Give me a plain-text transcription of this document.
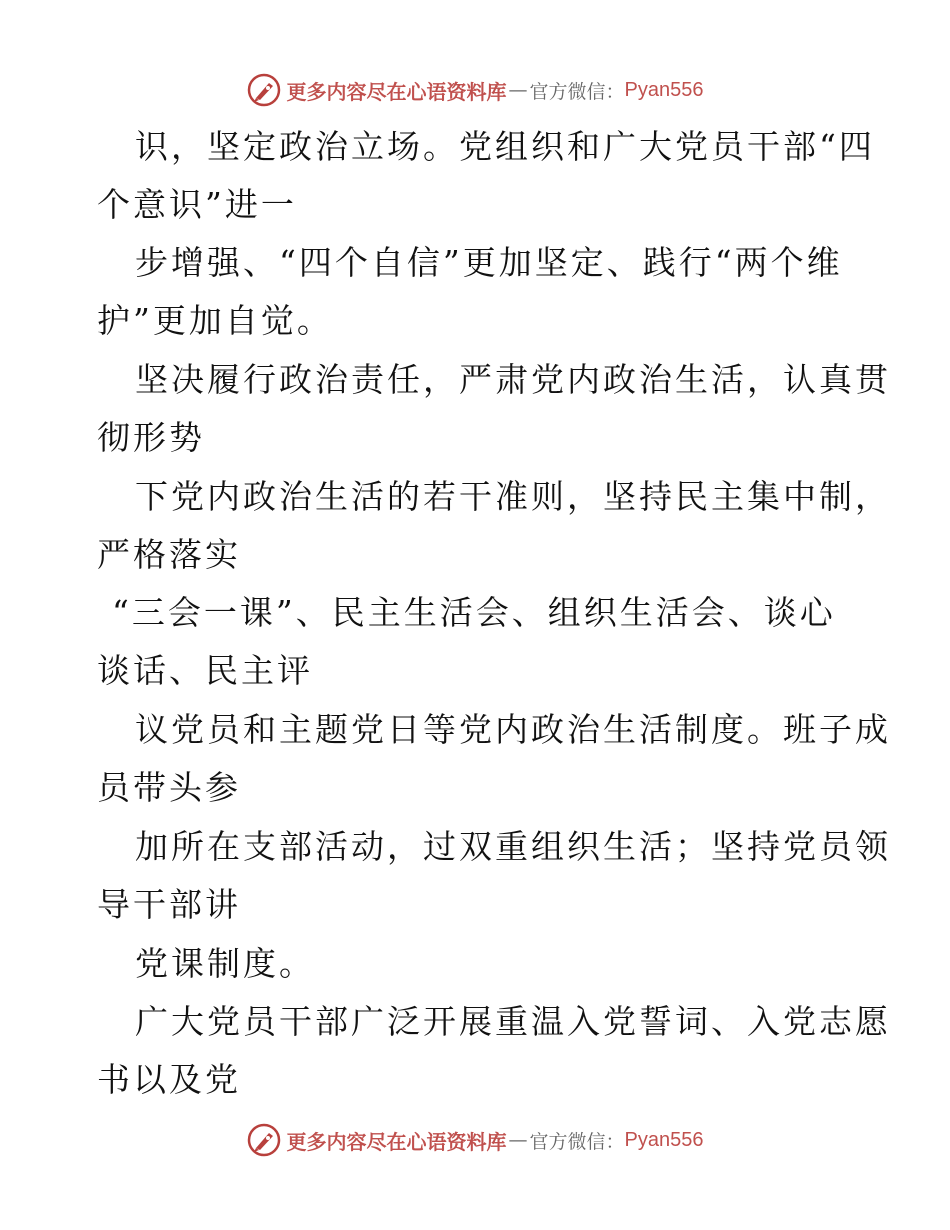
更多内容尽在心语资料库 — 官方微信： Pyan556
识，坚定政治立场。党组织和广大党员干部“四
个意识”进一
步增强、“四个自信”更加坚定、践行“两个维
护”更加自觉。
坚决履行政治责任，严肃党内政治生活，认真贯
彻形势
下党内政治生活的若干准则，坚持民主集中制，
严格落实
“三会一课”、民主生活会、组织生活会、谈心
谈话、民主评
议党员和主题党日等党内政治生活制度。班子成
员带头参
加所在支部活动，过双重组织生活；坚持党员领
导干部讲
党课制度。
广大党员干部广泛开展重温入党誓词、入党志愿
书以及党
更多内容尽在心语资料库 — 官方微信： Pyan556
